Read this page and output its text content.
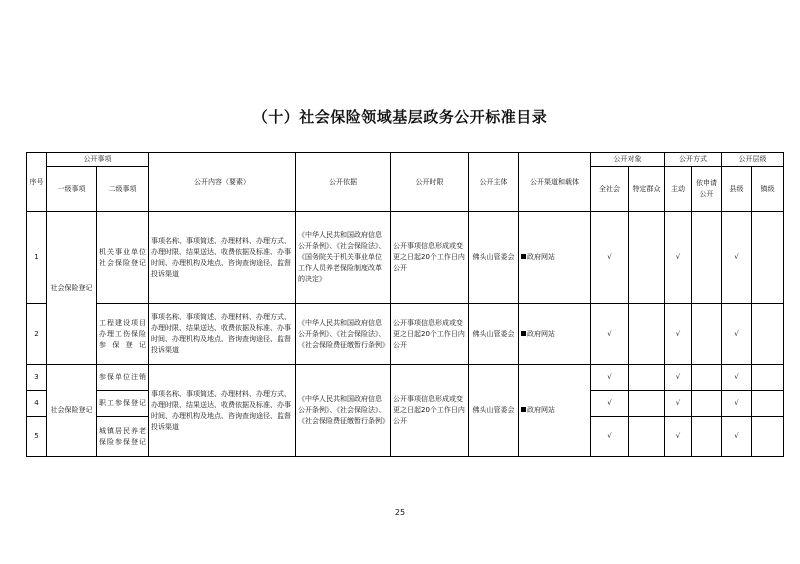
（十）社会保险领域基层政务公开标准目录
序号	公开事项		公开内容（要素）	公开依据	公开时限	公开主体	公开渠道和载体	公开对象		公开方式		公开层级	
	一级事项	二级事项						全社会	特定群众	主动	依申请公开	县级	镇级
1	社会保险登记	机关事业单位社会保险登记	事项名称、事项简述、办理材料、办理方式、办理时限、结果送达、收费依据及标准、办事时间、办理机构及地点、咨询查询途径、监督投诉渠道	《中华人民共和国政府信息公开条例》、《社会保险法》、《国务院关于机关事业单位工作人员养老保险制度改革的决定》	公开事项信息形成或变更之日起20个工作日内公开	佛头山管委会	政府网站	√		√		√	
2		工程建设项目办理工伤保险参保登记	事项名称、事项简述、办理材料、办理方式、办理时限、结果送达、收费依据及标准、办事时间、办理机构及地点、咨询查询途径、监督投诉渠道	《中华人民共和国政府信息公开条例》、《社会保险法》、《社会保险费征缴暂行条例》	公开事项信息形成或变更之日起20个工作日内公开	佛头山管委会	政府网站	√		√		√	
3	社会保险登记	参保单位注销	事项名称、事项简述、办理材料、办理方式、办理时限、结果送达、收费依据及标准、办事时间、办理机构及地点、咨询查询途径、监督投诉渠道	《中华人民共和国政府信息公开条例》、《社会保险法》、《社会保险费征缴暂行条例》	公开事项信息形成或变更之日起20个工作日内公开	佛头山管委会	政府网站	√		√		√	
4		职工参保登记						√		√		√	
5		城镇居民养老保险参保登记						√		√		√	
25
